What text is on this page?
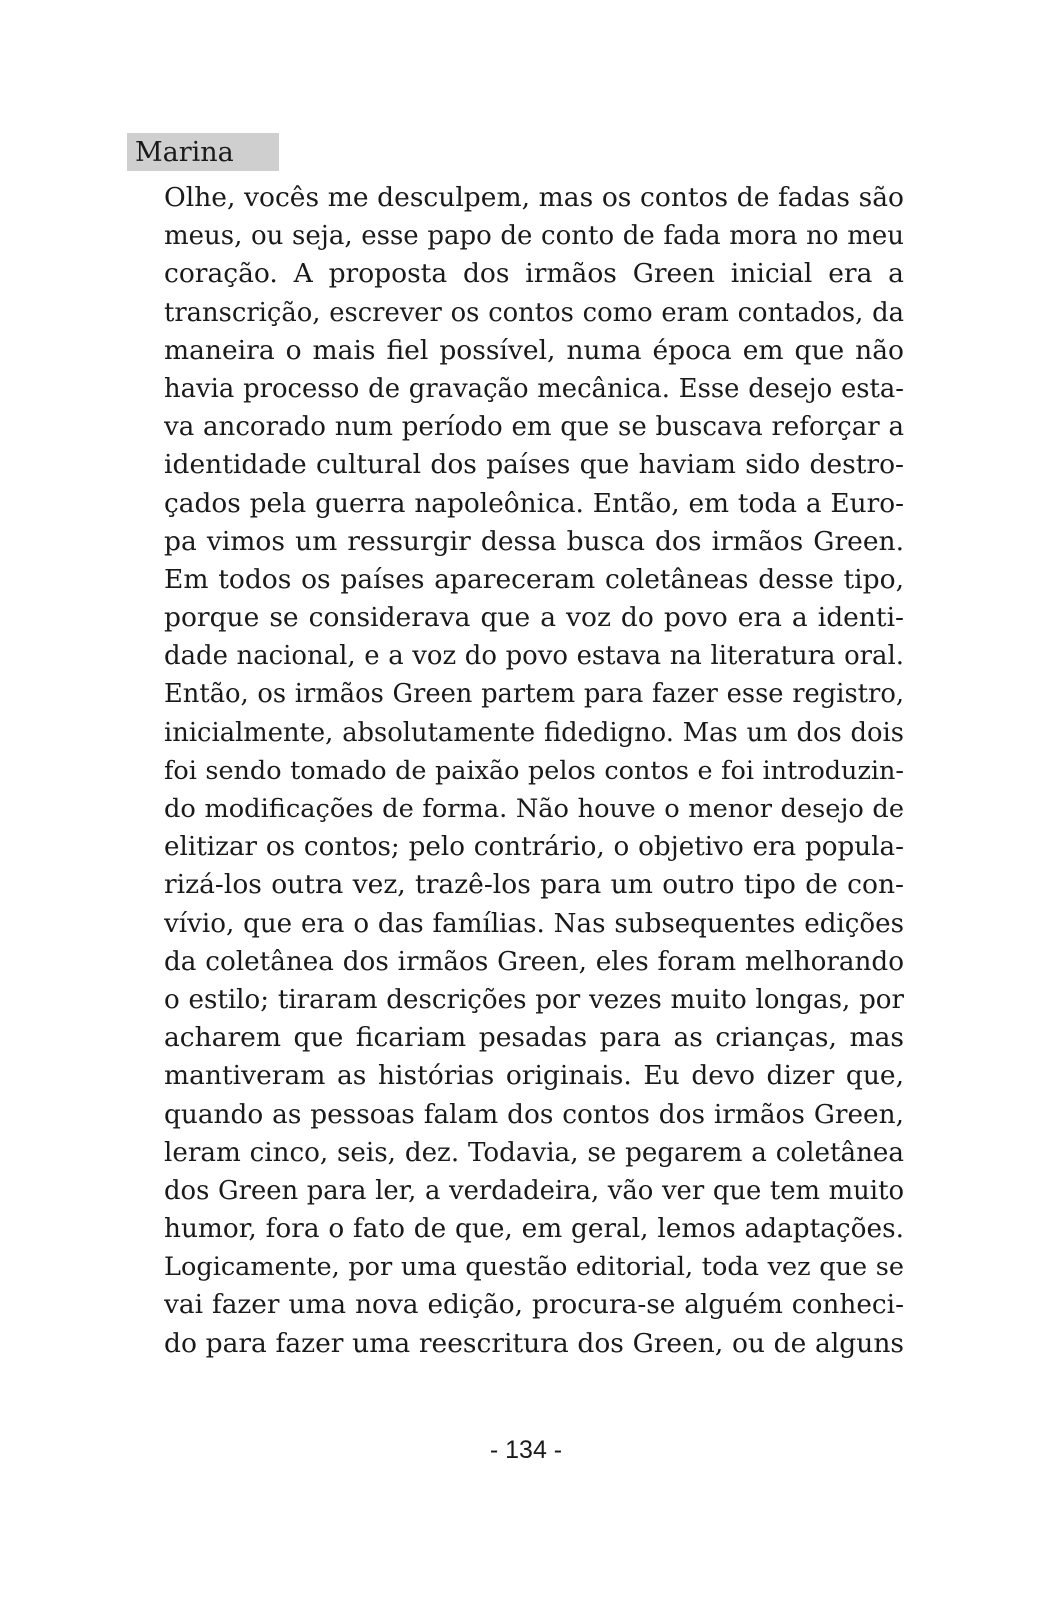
Marina
Olhe, vocês me desculpem, mas os contos de fadas são
meus, ou seja, esse papo de conto de fada mora no meu
coração. A proposta dos irmãos Green inicial era a
transcrição, escrever os contos como eram contados, da
maneira o mais fiel possível, numa época em que não
havia processo de gravação mecânica. Esse desejo esta-
va ancorado num período em que se buscava reforçar a
identidade cultural dos países que haviam sido destro-
çados pela guerra napoleônica. Então, em toda a Euro-
pa vimos um ressurgir dessa busca dos irmãos Green.
Em todos os países apareceram coletâneas desse tipo,
porque se considerava que a voz do povo era a identi-
dade nacional, e a voz do povo estava na literatura oral.
Então, os irmãos Green partem para fazer esse registro,
inicialmente, absolutamente fidedigno. Mas um dos dois
foi sendo tomado de paixão pelos contos e foi introduzin-
do modificações de forma. Não houve o menor desejo de
elitizar os contos; pelo contrário, o objetivo era popula-
rizá-los outra vez, trazê-los para um outro tipo de con-
vívio, que era o das famílias. Nas subsequentes edições
da coletânea dos irmãos Green, eles foram melhorando
o estilo; tiraram descrições por vezes muito longas, por
acharem que ficariam pesadas para as crianças, mas
mantiveram as histórias originais. Eu devo dizer que,
quando as pessoas falam dos contos dos irmãos Green,
leram cinco, seis, dez. Todavia, se pegarem a coletânea
dos Green para ler, a verdadeira, vão ver que tem muito
humor, fora o fato de que, em geral, lemos adaptações.
Logicamente, por uma questão editorial, toda vez que se
vai fazer uma nova edição, procura-se alguém conheci-
do para fazer uma reescritura dos Green, ou de alguns
- 134 -
